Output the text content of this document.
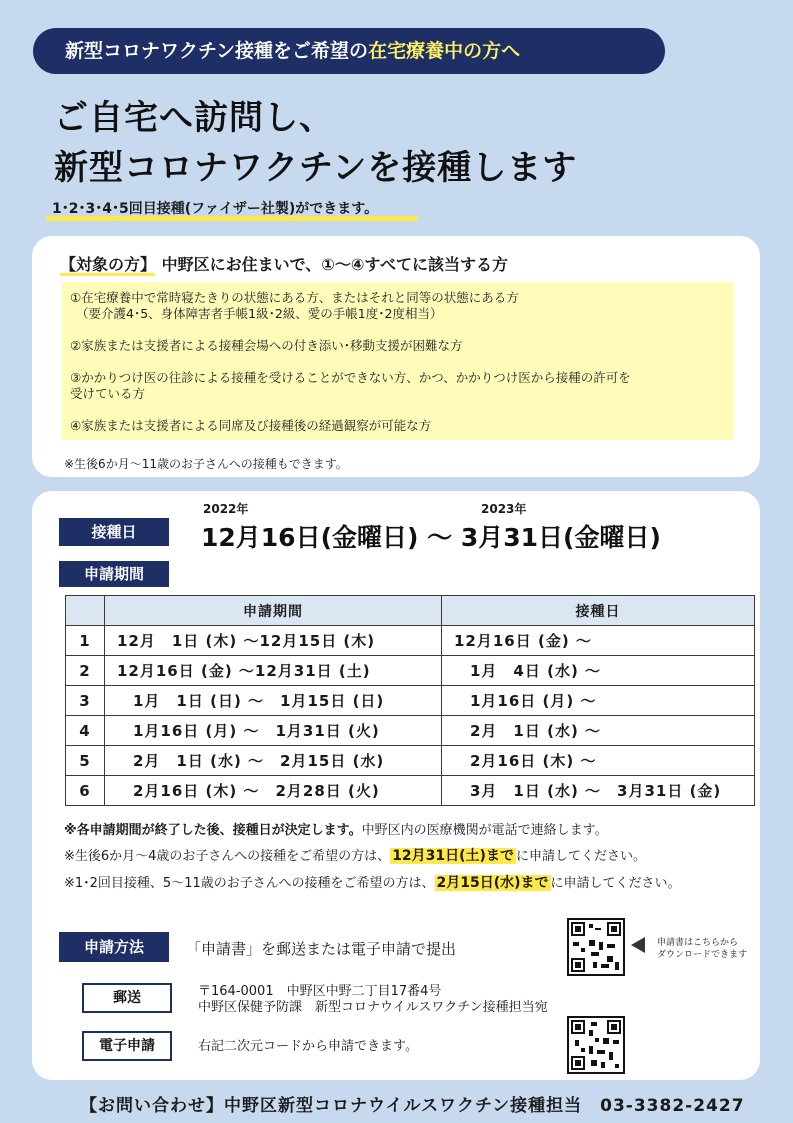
新型コロナワクチン接種をご希望の在宅療養中の方へ
ご自宅へ訪問し、
新型コロナワクチンを接種します
1･2･3･4･5回目接種(ファイザー社製)ができます。
【対象の方】 中野区にお住まいで、①～④すべてに該当する方
①在宅療養中で常時寝たきりの状態にある方、またはそれと同等の状態にある方
（要介護4･5、身体障害者手帳1級･2級、愛の手帳1度･2度相当）
②家族または支援者による接種会場への付き添い･移動支援が困難な方
③かかりつけ医の往診による接種を受けることができない方、かつ、かかりつけ医から接種の許可を
受けている方
④家族または支援者による同席及び接種後の経過観察が可能な方
※生後6か月～11歳のお子さんへの接種もできます。
接種日
申請期間
2022年	2023年
12月16日(金曜日) ～ 3月31日(金曜日)
	申請期間	接種日
1	12月　1日 (木) ～12月15日 (木)	12月16日 (金) ～
2	12月16日 (金) ～12月31日 (土)	　1月　4日 (水) ～
3	　1月　1日 (日) ～　1月15日 (日)	　1月16日 (月) ～
4	　1月16日 (月) ～　1月31日 (火)	　2月　1日 (水) ～
5	　2月　1日 (水) ～　2月15日 (水)	　2月16日 (木) ～
6	　2月16日 (木) ～　2月28日 (火)	　3月　1日 (水) ～　3月31日 (金)
※各申請期間が終了した後、接種日が決定します。中野区内の医療機関が電話で連絡します。
※生後6か月～4歳のお子さんへの接種をご希望の方は、 12月31日(土)まで に申請してください。
※1･2回目接種、5～11歳のお子さんへの接種をご希望の方は、 2月15日(水)まで に申請してください。
申請方法	「申請書」を郵送または電子申請で提出	申請書はこちらから
ダウンロードできます
郵送	〒164-0001　中野区中野二丁目17番4号
中野区保健予防課　新型コロナウイルスワクチン接種担当宛
電子申請	右記二次元コードから申請できます。
【お問い合わせ】中野区新型コロナウイルスワクチン接種担当　03-3382-2427
